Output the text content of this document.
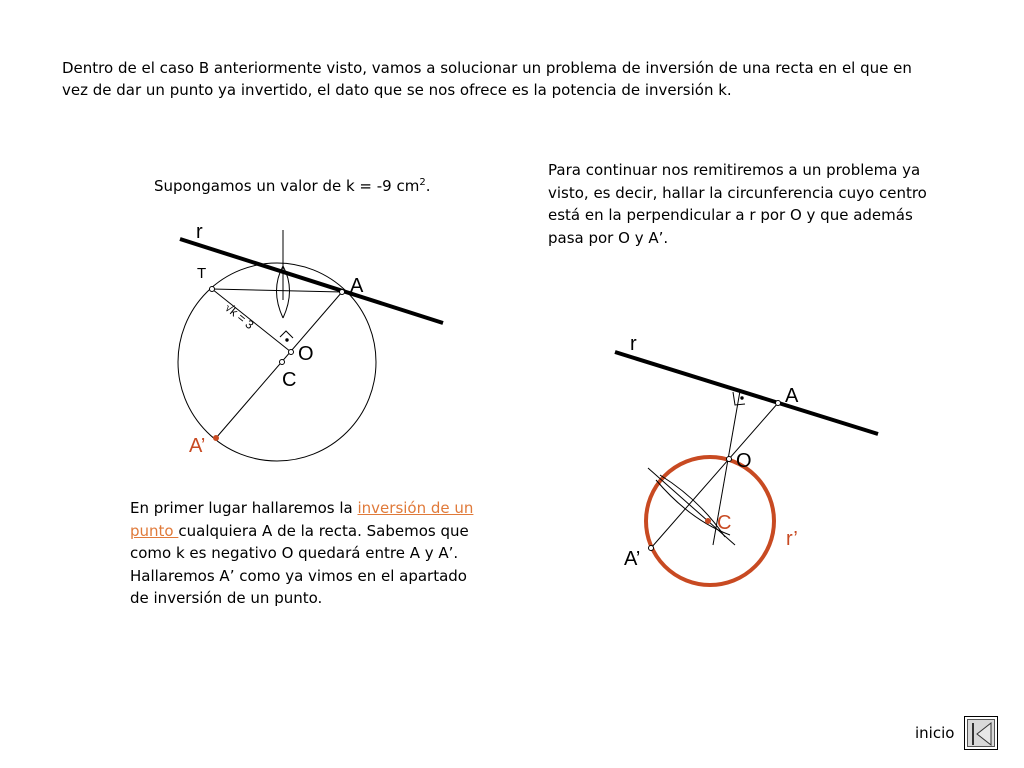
Dentro de el caso B anteriormente visto, vamos a solucionar un problema de inversión de una recta en el que en vez de dar un punto ya invertido, el dato que se nos ofrece es la potencia de inversión k.
Supongamos un valor de k = -9 $cm^2$.
Para continuar nos remitiremos a un problema ya visto, es decir, hallar la circunferencia cuyo centro está en la perpendicular a r por O y que además pasa por O y A’.
En primer lugar hallaremos la inversión de un punto cualquiera A de la recta. Sabemos que como k es negativo O quedará entre A y A’. Hallaremos A’ como ya vimos en el apartado de inversión de un punto.
r
T
A
O
C
A’
√k = 3
r
A
O
C
A’
r’
inicio
